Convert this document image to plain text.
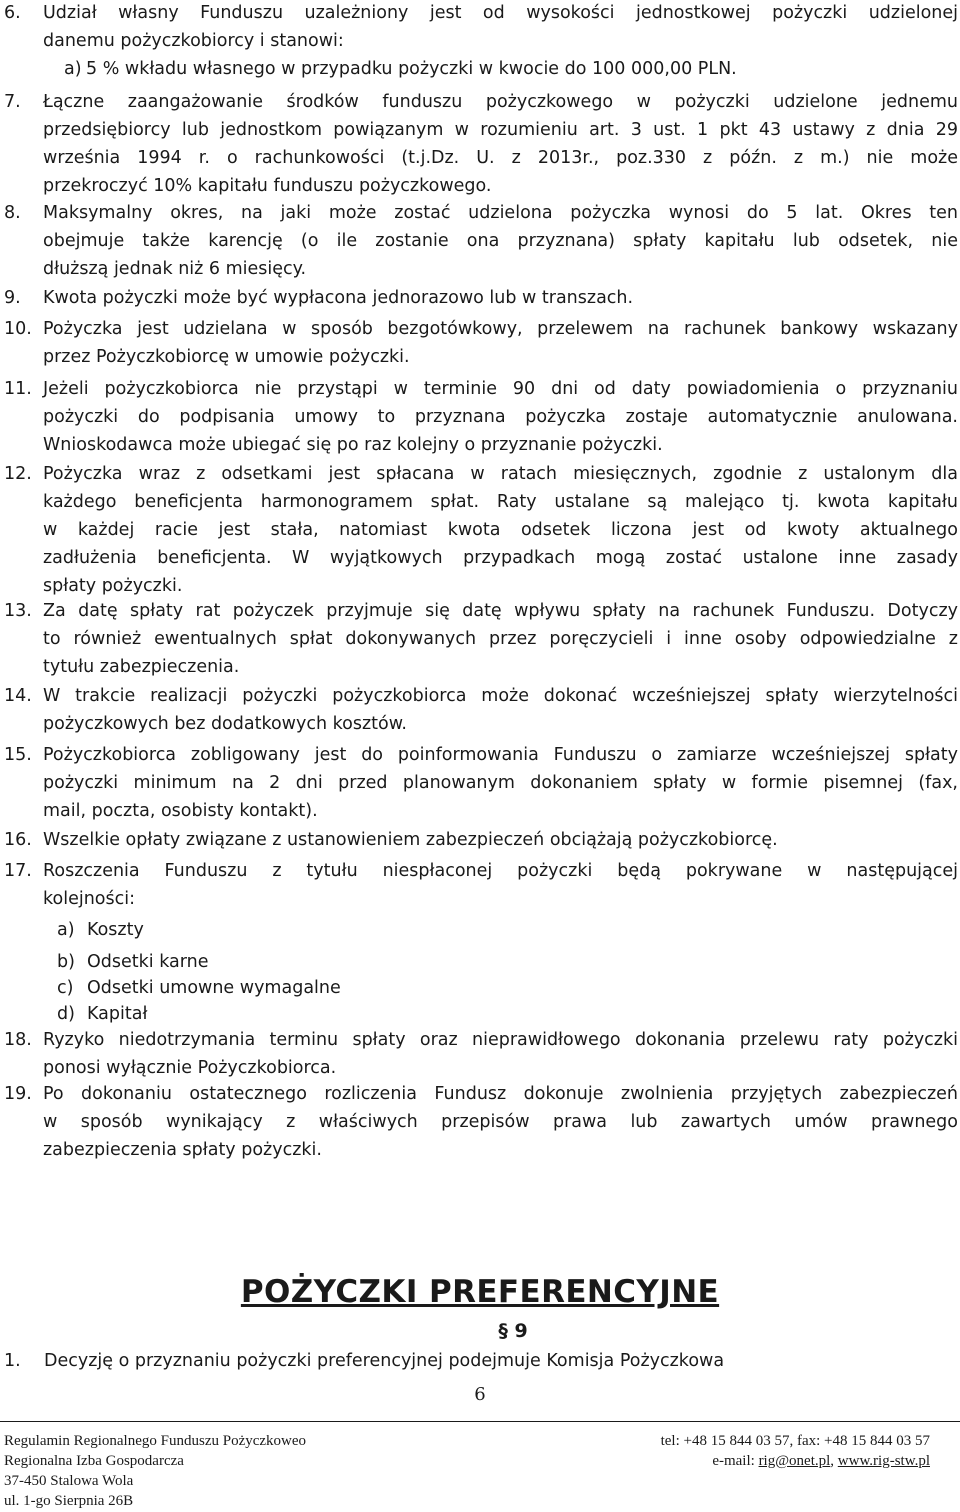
6.	Udział własny Funduszu uzależniony jest od wysokości jednostkowej pożyczki udzielonej
danemu pożyczkobiorcy i stanowi:
a) 5 % wkładu własnego w przypadku pożyczki w kwocie do 100 000,00 PLN.
7.	Łączne zaangażowanie środków funduszu pożyczkowego w pożyczki udzielone jednemu
przedsiębiorcy lub jednostkom powiązanym w rozumieniu art. 3 ust. 1 pkt 43 ustawy z dnia 29
września 1994 r. o rachunkowości (t.j.Dz. U. z 2013r., poz.330 z późn. z m.) nie może
przekroczyć 10% kapitału funduszu pożyczkowego.
8.	Maksymalny okres, na jaki może zostać udzielona pożyczka wynosi do 5 lat. Okres ten
obejmuje także karencję (o ile zostanie ona przyznana) spłaty kapitału lub odsetek, nie
dłuższą jednak niż 6 miesięcy.
9.	Kwota pożyczki może być wypłacona jednorazowo lub w transzach.
10. Pożyczka jest udzielana w sposób bezgotówkowy, przelewem na rachunek bankowy wskazany
przez Pożyczkobiorcę w umowie pożyczki.
11. Jeżeli pożyczkobiorca nie przystąpi w terminie 90 dni od daty powiadomienia o przyznaniu
pożyczki do podpisania umowy to przyznana pożyczka zostaje automatycznie anulowana.
Wnioskodawca może ubiegać się po raz kolejny o przyznanie pożyczki.
12. Pożyczka wraz z odsetkami jest spłacana w ratach miesięcznych, zgodnie z ustalonym dla
każdego beneficjenta harmonogramem spłat. Raty ustalane są malejąco tj. kwota kapitału
w każdej racie jest stała, natomiast kwota odsetek liczona jest od kwoty aktualnego
zadłużenia beneficjenta. W wyjątkowych przypadkach mogą zostać ustalone inne zasady
spłaty pożyczki.
13. Za datę spłaty rat pożyczek przyjmuje się datę wpływu spłaty na rachunek Funduszu. Dotyczy
to również ewentualnych spłat dokonywanych przez poręczycieli i inne osoby odpowiedzialne z
tytułu zabezpieczenia.
14. W trakcie realizacji pożyczki pożyczkobiorca może dokonać wcześniejszej spłaty wierzytelności
pożyczkowych bez dodatkowych kosztów.
15. Pożyczkobiorca zobligowany jest do poinformowania Funduszu o zamiarze wcześniejszej spłaty
pożyczki minimum na 2 dni przed planowanym dokonaniem spłaty w formie pisemnej (fax,
mail, poczta, osobisty kontakt).
16. Wszelkie opłaty związane z ustanowieniem zabezpieczeń obciążają pożyczkobiorcę.
17. Roszczenia Funduszu z tytułu niespłaconej pożyczki będą pokrywane w następującej
kolejności:
a) Koszty
b) Odsetki karne
c) Odsetki umowne wymagalne
d) Kapitał
18. Ryzyko niedotrzymania terminu spłaty oraz nieprawidłowego dokonania przelewu raty pożyczki
ponosi wyłącznie Pożyczkobiorca.
19. Po dokonaniu ostatecznego rozliczenia Fundusz dokonuje zwolnienia przyjętych zabezpieczeń
w sposób wynikający z właściwych przepisów prawa lub zawartych umów prawnego
zabezpieczenia spłaty pożyczki.
POŻYCZKI PREFERENCYJNE
§ 9
1. Decyzję o przyznaniu pożyczki preferencyjnej podejmuje Komisja Pożyczkowa
6
Regulamin Regionalnego Funduszu Pożyczkoweo
Regionalna Izba Gospodarcza
37-450 Stalowa Wola
ul. 1-go Sierpnia 26B
tel: +48 15 844 03 57, fax: +48 15 844 03 57
e-mail: rig@onet.pl, www.rig-stw.pl
